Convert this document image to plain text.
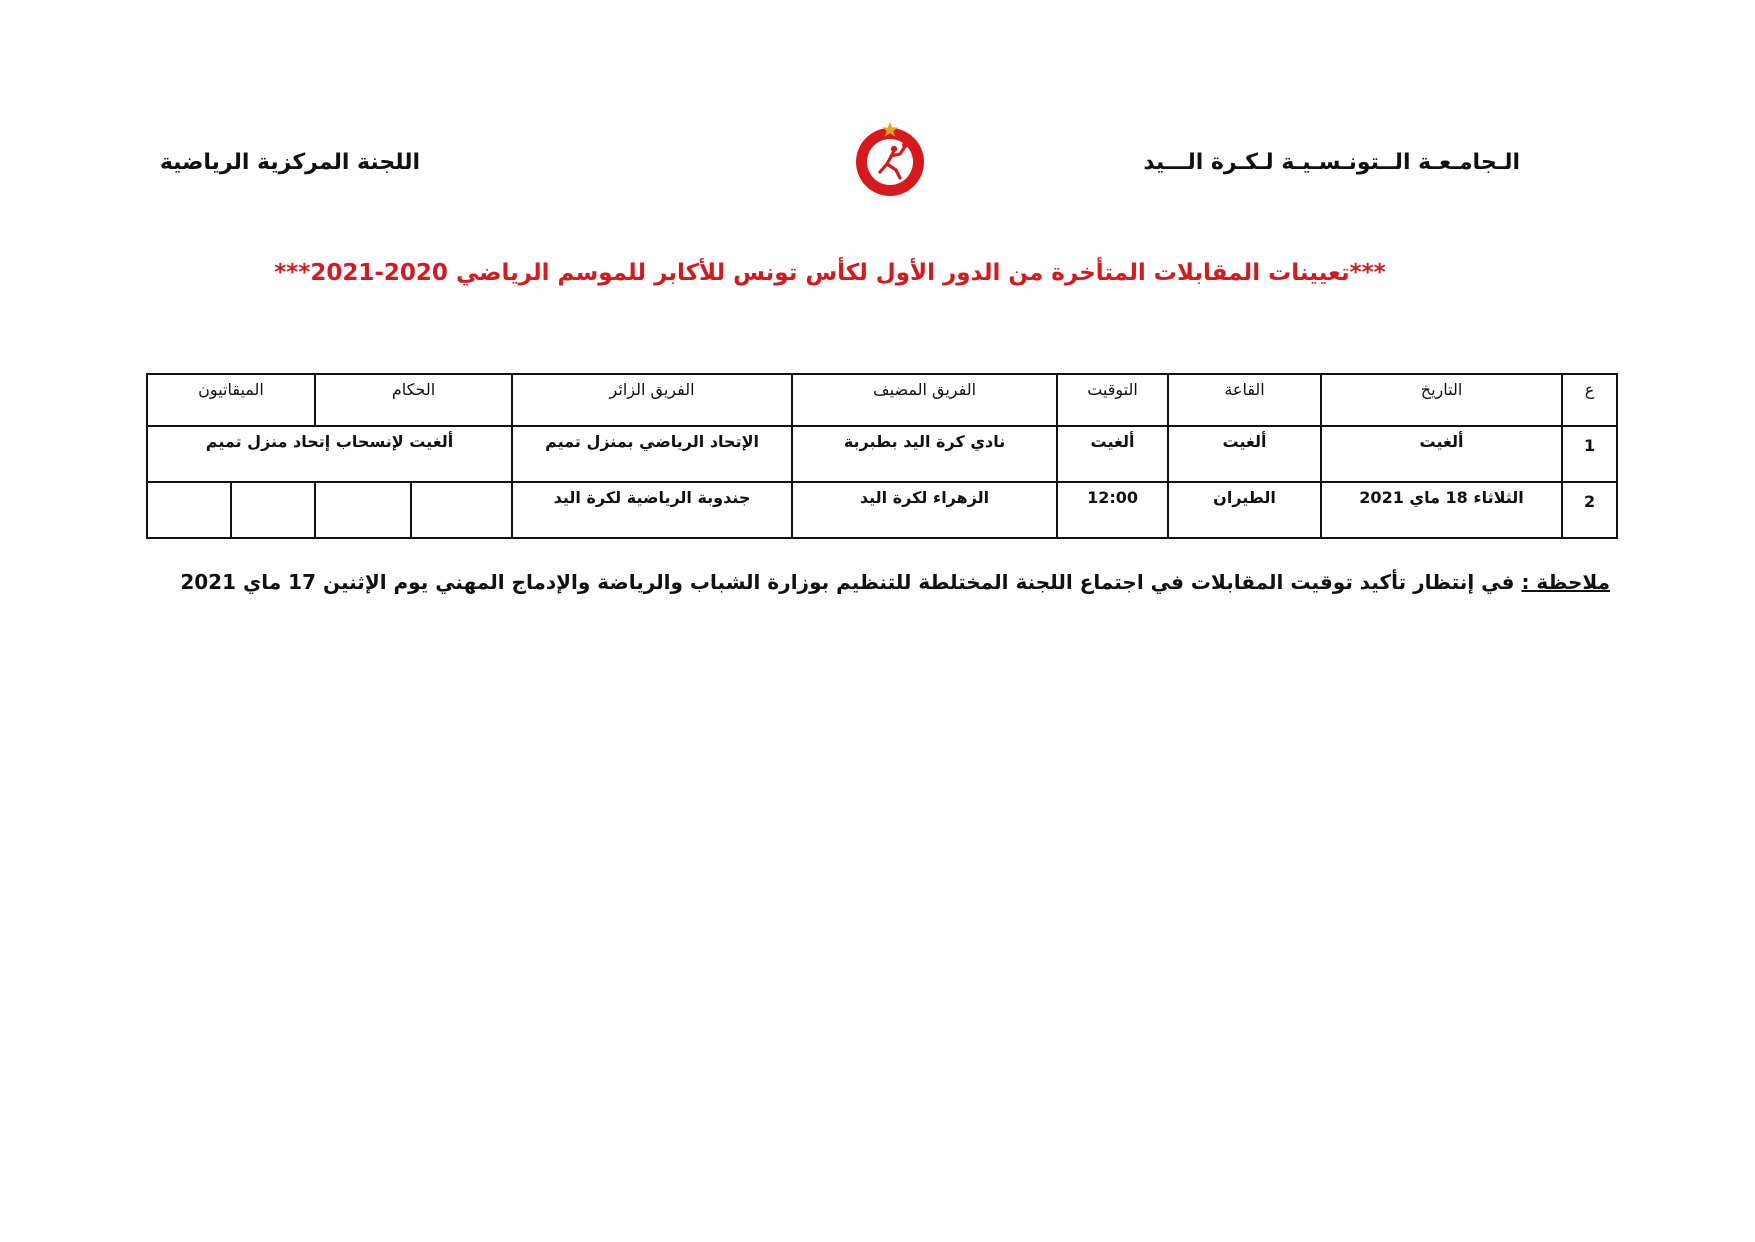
الـجامـعـة الــتونـسـيـة لـكـرة الـــيد
اللجنة المركزية الرياضية
***تعيينات المقابلات المتأخرة من الدور الأول لكأس تونس للأكابر للموسم الرياضي 2020-2021***
ع	التاريخ	القاعة	التوقيت	الفريق المضيف	الفريق الزائر	الحكام		الميقاتيون	
1	ألغيت	ألغيت	ألغيت	نادي كرة اليد بطبربة	الإتحاد الرياضي بمنزل تميم	ألغيت لإنسحاب إتحاد منزل تميم			
2	الثلاثاء 18 ماي 2021	الطيران	12:00	الزهراء لكرة اليد	جندوبة الرياضية لكرة اليد				
ملاحظة : في إنتظار تأكيد توقيت المقابلات في اجتماع اللجنة المختلطة للتنظيم بوزارة الشباب والرياضة والإدماج المهني يوم الإثنين 17 ماي 2021
